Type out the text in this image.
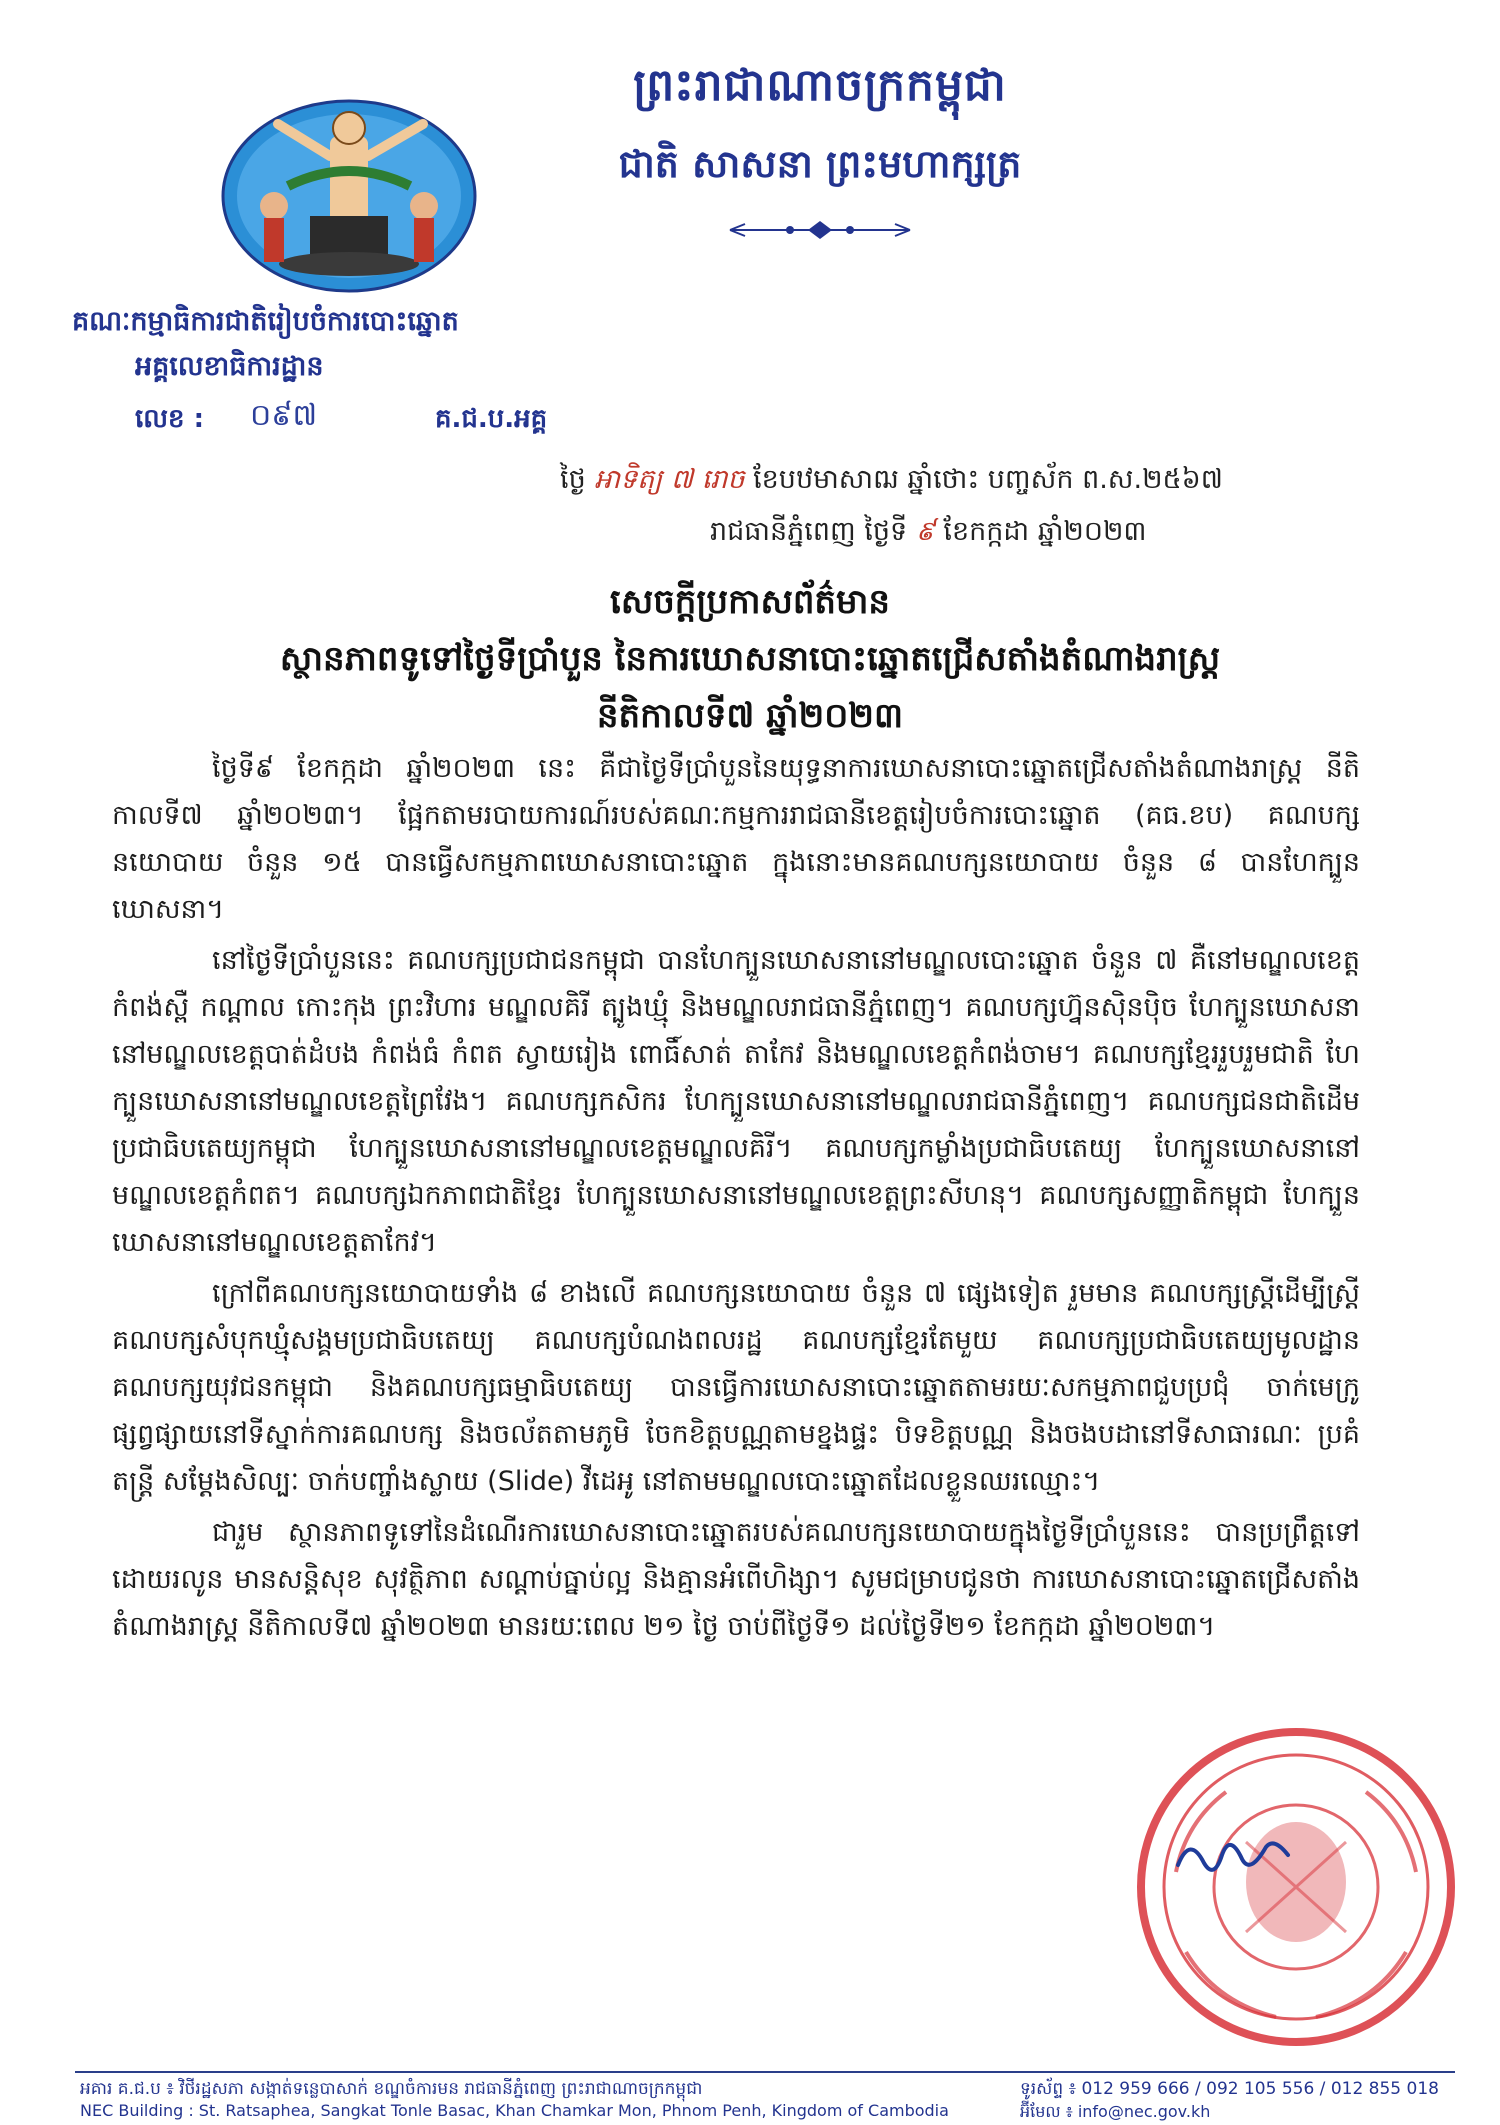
ព្រះរាជាណាចក្រកម្ពុជា
ជាតិ សាសនា ព្រះមហាក្សត្រ
គណៈកម្មាធិការជាតិរៀបចំការបោះឆ្នោត
អគ្គលេខាធិការដ្ឋាន
លេខ :	០៩៧	គ.ជ.ប.អគ្គ
ថ្ងៃ អាទិត្យ ៧ រោច ខែបឋមាសាឍ ឆ្នាំថោះ បញ្ចស័ក ព.ស.២៥៦៧
រាជធានីភ្នំពេញ ថ្ងៃទី ៩ ខែកក្កដា ឆ្នាំ២០២៣
សេចក្តីប្រកាសព័ត៌មាន
ស្ថានភាពទូទៅថ្ងៃទីប្រាំបួន នៃការឃោសនាបោះឆ្នោតជ្រើសតាំងតំណាងរាស្ត្រ
នីតិកាលទី៧ ឆ្នាំ២០២៣

ថ្ងៃទី៩ ខែកក្កដា ឆ្នាំ២០២៣ នេះ គឺជាថ្ងៃទីប្រាំបួននៃយុទ្ធនាការឃោសនាបោះឆ្នោតជ្រើសតាំងតំណាងរាស្ត្រ នីតិកាលទី៧ ឆ្នាំ២០២៣។ ផ្អែកតាមរបាយការណ៍របស់គណៈកម្មការរាជធានីខេត្តរៀបចំការបោះឆ្នោត (គធ.ខប) គណបក្សនយោបាយ ចំនួន ១៥ បានធ្វើសកម្មភាពឃោសនាបោះឆ្នោត ក្នុងនោះមានគណបក្សនយោបាយ ចំនួន ៨ បានហែក្បួនឃោសនា។

នៅថ្ងៃទីប្រាំបួននេះ គណបក្សប្រជាជនកម្ពុជា បានហែក្បួនឃោសនានៅមណ្ឌលបោះឆ្នោត ចំនួន ៧ គឺនៅមណ្ឌលខេត្តកំពង់ស្ពឺ កណ្តាល កោះកុង ព្រះវិហារ មណ្ឌលគិរី ត្បូងឃ្មុំ និងមណ្ឌលរាជធានីភ្នំពេញ។ គណបក្សហ្វ៊ុនស៊ិនប៉ិច ហែក្បួនឃោសនានៅមណ្ឌលខេត្តបាត់ដំបង កំពង់ធំ កំពត ស្វាយរៀង ពោធិ៍សាត់ តាកែវ និងមណ្ឌលខេត្តកំពង់ចាម។ គណបក្សខ្មែររួបរួមជាតិ ហែក្បួនឃោសនានៅមណ្ឌលខេត្តព្រៃវែង។ គណបក្សកសិករ ហែក្បួនឃោសនានៅមណ្ឌលរាជធានីភ្នំពេញ។ គណបក្សជនជាតិដើមប្រជាធិបតេយ្យកម្ពុជា ហែក្បួនឃោសនានៅមណ្ឌលខេត្តមណ្ឌលគិរី។ គណបក្សកម្លាំងប្រជាធិបតេយ្យ ហែក្បួនឃោសនានៅមណ្ឌលខេត្តកំពត។ គណបក្សឯកភាពជាតិខ្មែរ ហែក្បួនឃោសនានៅមណ្ឌលខេត្តព្រះសីហនុ។ គណបក្សសញ្ញាតិកម្ពុជា ហែក្បួនឃោសនានៅមណ្ឌលខេត្តតាកែវ។

ក្រៅពីគណបក្សនយោបាយទាំង ៨ ខាងលើ គណបក្សនយោបាយ ចំនួន ៧ ផ្សេងទៀត រួមមាន គណបក្សស្ត្រីដើម្បីស្ត្រី គណបក្សសំបុកឃ្មុំសង្គមប្រជាធិបតេយ្យ គណបក្សបំណងពលរដ្ឋ គណបក្សខ្មែរតែមួយ គណបក្សប្រជាធិបតេយ្យមូលដ្ឋាន គណបក្សយុវជនកម្ពុជា និងគណបក្សធម្មាធិបតេយ្យ បានធ្វើការឃោសនាបោះឆ្នោតតាមរយៈសកម្មភាពជួបប្រជុំ ចាក់មេក្រូផ្សព្វផ្សាយនៅទីស្នាក់ការគណបក្ស និងចល័តតាមភូមិ ចែកខិត្តបណ្ណតាមខ្នងផ្ទះ បិទខិត្តបណ្ណ និងចងបដានៅទីសាធារណៈ ប្រគំតន្ត្រី សម្តែងសិល្បៈ ចាក់បញ្ចាំងស្លាយ (Slide) វីដេអូ នៅតាមមណ្ឌលបោះឆ្នោតដែលខ្លួនឈរឈ្មោះ។

ជារួម ស្ថានភាពទូទៅនៃដំណើរការឃោសនាបោះឆ្នោតរបស់គណបក្សនយោបាយក្នុងថ្ងៃទីប្រាំបួននេះ បានប្រព្រឹត្តទៅដោយរលូន មានសន្តិសុខ សុវត្ថិភាព សណ្តាប់ធ្នាប់ល្អ និងគ្មានអំពើហិង្សា។ សូមជម្រាបជូនថា ការឃោសនាបោះឆ្នោតជ្រើសតាំងតំណាងរាស្ត្រ នីតិកាលទី៧ ឆ្នាំ២០២៣ មានរយៈពេល ២១ ថ្ងៃ ចាប់ពីថ្ងៃទី១ ដល់ថ្ងៃទី២១ ខែកក្កដា ឆ្នាំ២០២៣។

អគារ គ.ជ.ប ៖ វិថីរដ្ឋសភា សង្កាត់ទន្លេបាសាក់ ខណ្ឌចំការមន រាជធានីភ្នំពេញ ព្រះរាជាណាចក្រកម្ពុជា
NEC Building : St. Ratsaphea, Sangkat Tonle Basac, Khan Chamkar Mon, Phnom Penh, Kingdom of Cambodia
ទូរស័ព្ទ ៖ 012 959 666 / 092 105 556 / 012 855 018
អ៊ីមែល ៖ info@nec.gov.kh
